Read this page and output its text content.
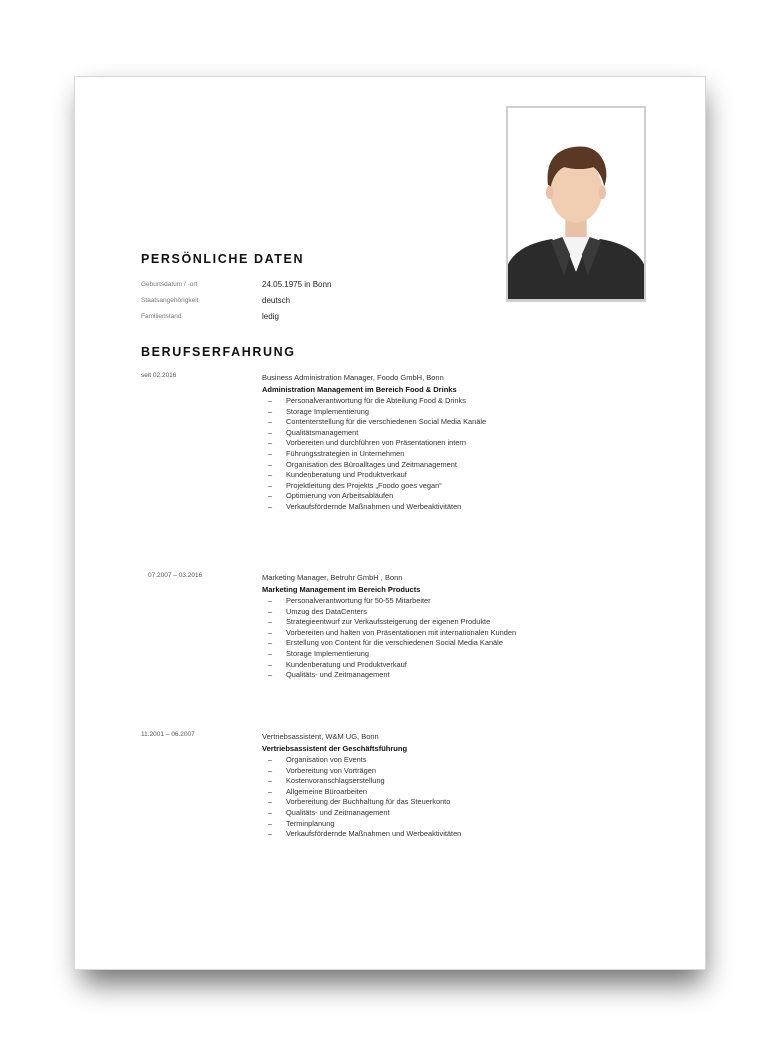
PERSÖNLICHE DATEN
Geburtsdatum / -ort	24.05.1975 in Bonn
Staatsangehörigkeit	deutsch
Familienstand	ledig
BERUFSERFAHRUNG
seit 02.2016	Business Administration Manager, Foodo GmbH, Bonn
Administration Management im Bereich Food & Drinks
– Personalverantwortung für die Abteilung Food & Drinks
– Storage Implementierung
– Contenterstellung für die verschiedenen Social Media Kanäle
– Qualitätsmanagement
– Vorbereiten und durchführen von Präsentationen intern
– Führungsstrategien in Unternehmen
– Organisation des Büroalltages und Zeitmanagement
– Kundenberatung und Produktverkauf
– Projektleitung des Projekts „Foodo goes vegan“
– Optimierung von Arbeitsabläufen
– Verkaufsfördernde Maßnahmen und Werbeaktivitäten
07.2007 – 03.2016	Marketing Manager, Betruhr GmbH , Bonn
Marketing Management im Bereich Products
– Personalverantwortung für 50-55 Mitarbeiter
– Umzug des DataCenters
– Strategieentwurf zur Verkaufssteigerung der eigenen Produkte
– Vorbereiten und halten von Präsentationen mit internationalen Kunden
– Erstellung von Content für die verschiedenen Social Media Kanäle
– Storage Implementierung
– Kundenberatung und Produktverkauf
– Qualitäts- und Zeitmanagement
11.2001 – 06.2007	Vertriebsassistent, W&M UG, Bonn
Vertriebsassistent der Geschäftsführung
– Organisation von Events
– Vorbereitung von Vorträgen
– Kostenvoranschlagserstellung
– Allgemeine Büroarbeiten
– Vorbereitung der Buchhaltung für das Steuerkonto
– Qualitäts- und Zeitmanagement
– Terminplanung
– Verkaufsfördernde Maßnahmen und Werbeaktivitäten
